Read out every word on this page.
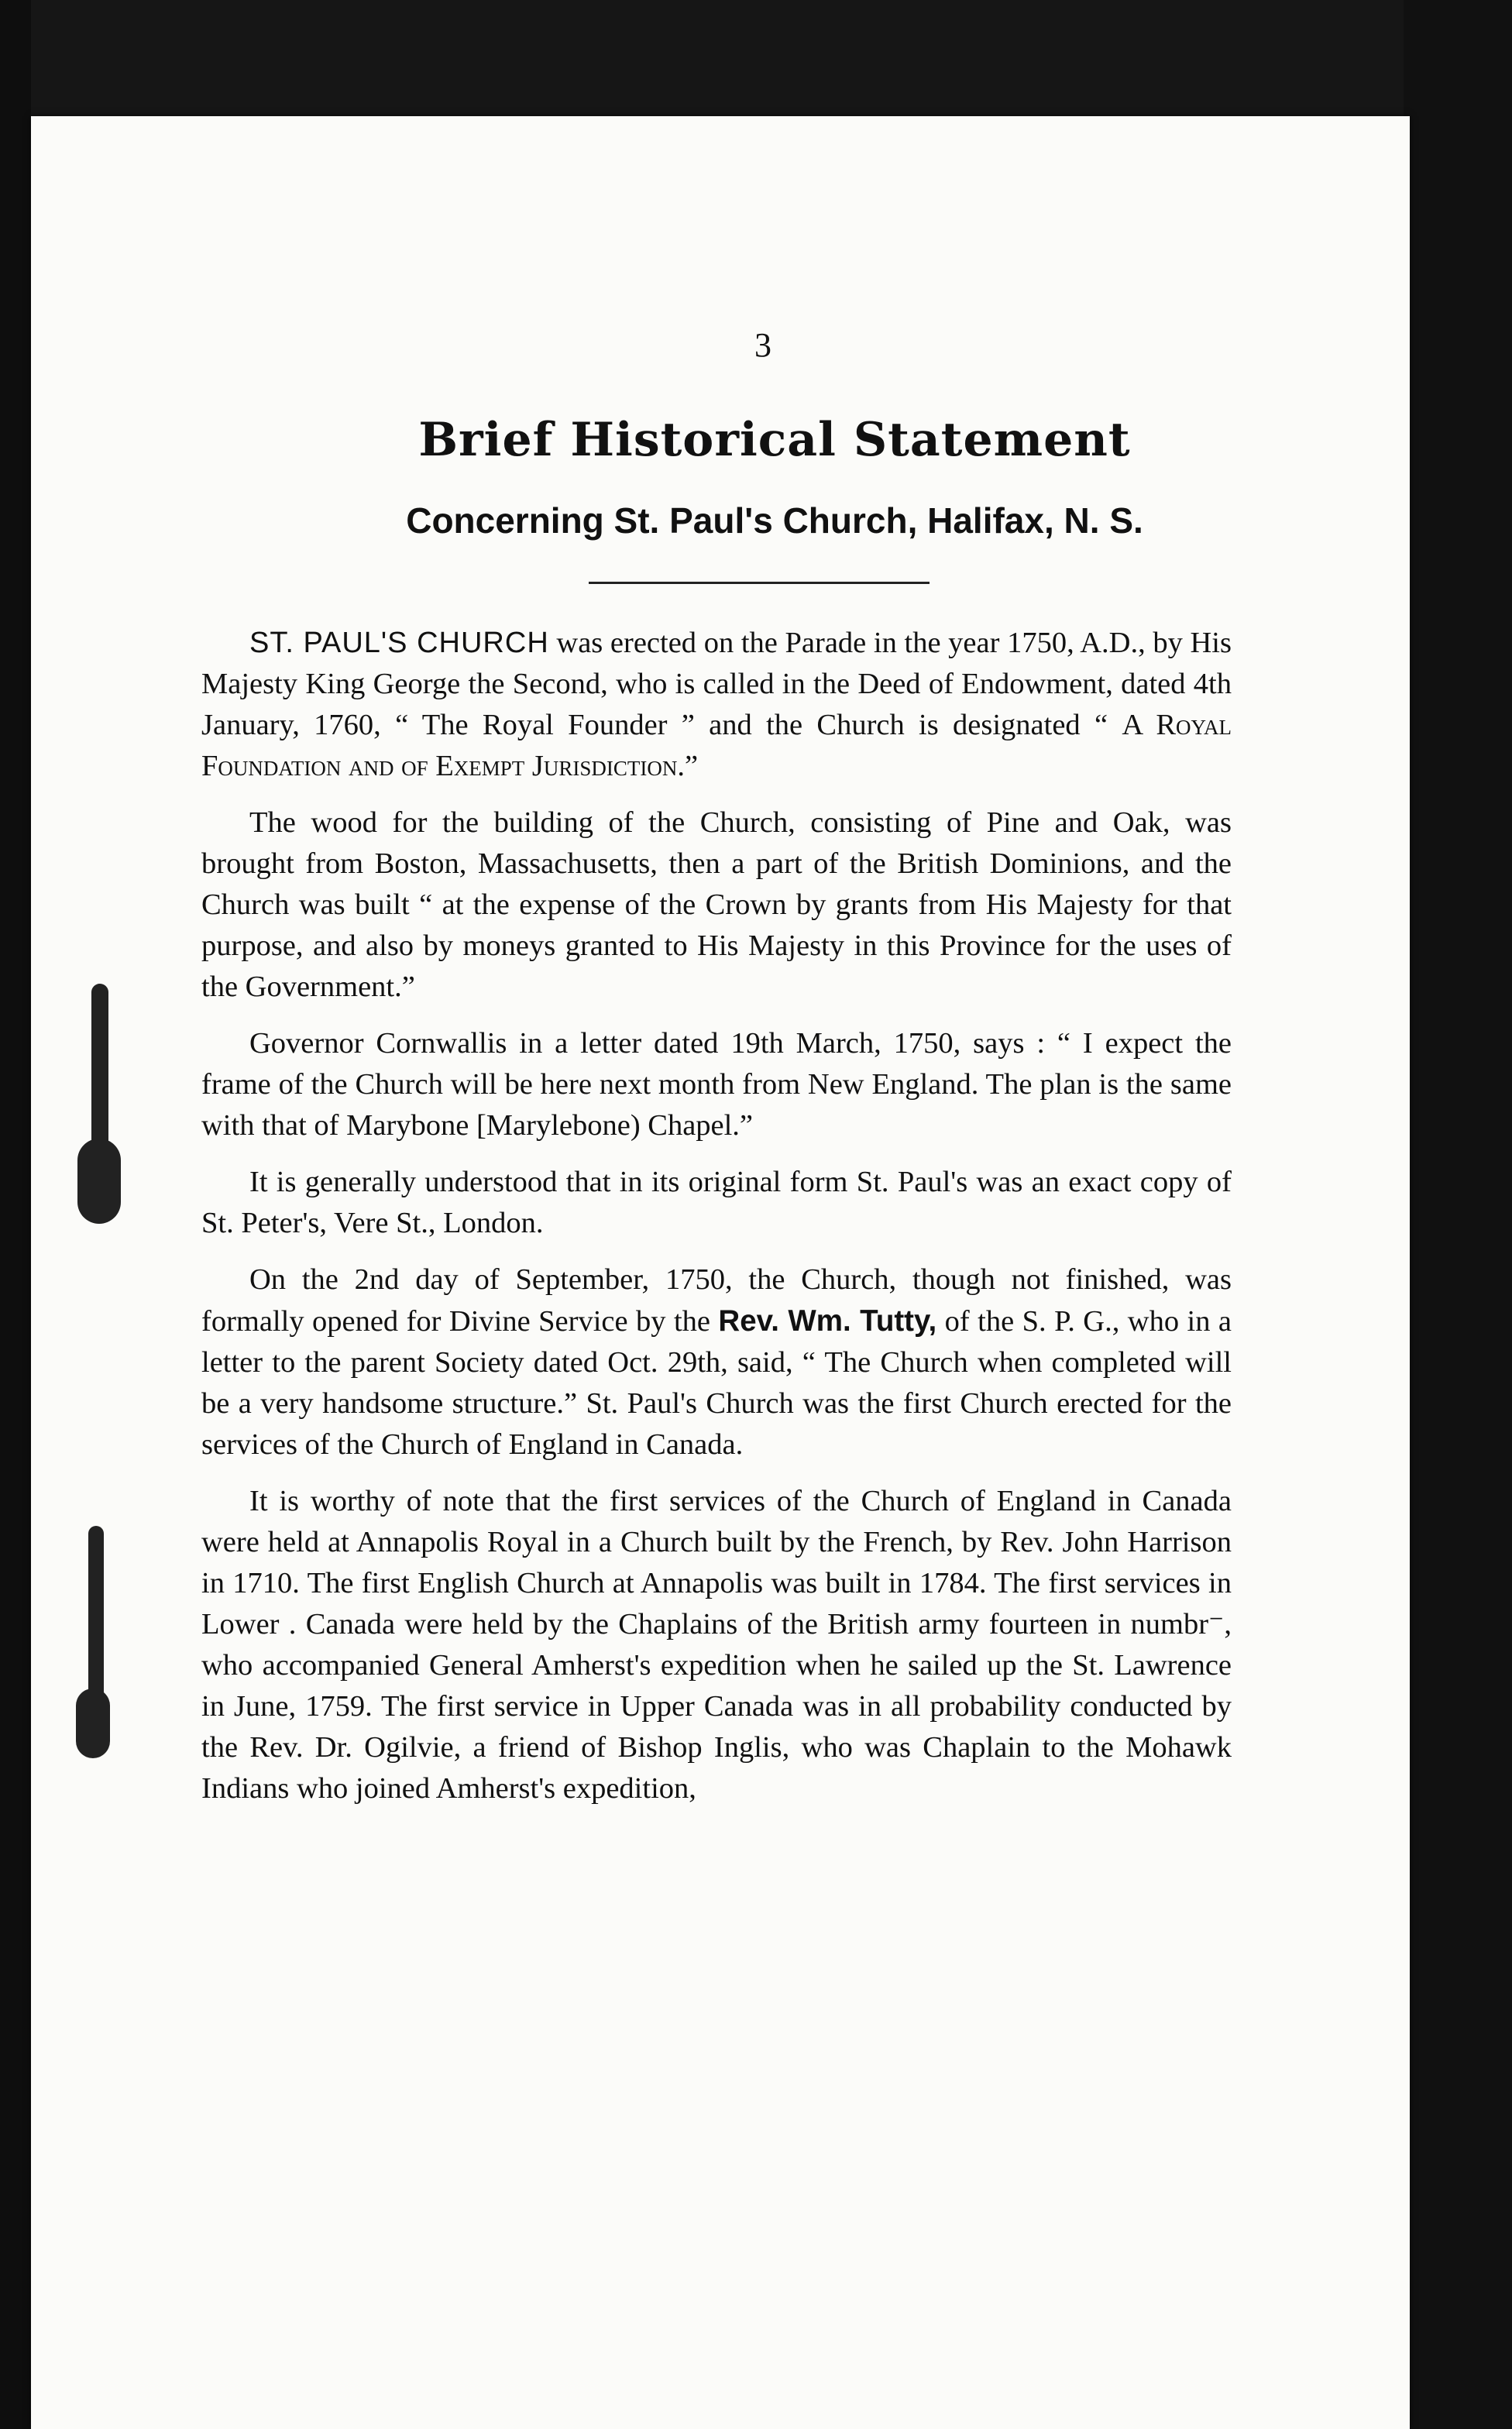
3
Brief Historical Statement
Concerning St. Paul's Church, Halifax, N. S.

ST. PAUL'S CHURCH was erected on the Parade in the year 1750, A.D., by His Majesty King George the Second, who is called in the Deed of Endowment, dated 4th January, 1760, “ The Royal Founder ” and the Church is designated “ A Royal Foundation and of Exempt Jurisdiction.”

The wood for the building of the Church, consisting of Pine and Oak, was brought from Boston, Massachusetts, then a part of the British Dominions, and the Church was built “ at the expense of the Crown by grants from His Majesty for that purpose, and also by moneys granted to His Majesty in this Province for the uses of the Government.”

Governor Cornwallis in a letter dated 19th March, 1750, says : “ I expect the frame of the Church will be here next month from New England. The plan is the same with that of Marybone [Marylebone) Chapel.”

It is generally understood that in its original form St. Paul's was an exact copy of St. Peter's, Vere St., London.

On the 2nd day of September, 1750, the Church, though not finished, was formally opened for Divine Service by the Rev. Wm. Tutty, of the S. P. G., who in a letter to the parent Society dated Oct. 29th, said, “ The Church when completed will be a very handsome structure.” St. Paul's Church was the first Church erected for the services of the Church of England in Canada.

It is worthy of note that the first services of the Church of England in Canada were held at Annapolis Royal in a Church built by the French, by Rev. John Harrison in 1710. The first English Church at Annapolis was built in 1784. The first services in Lower . Canada were held by the Chaplains of the British army fourteen in numbr⁻, who accompanied General Amherst's expedition when he sailed up the St. Lawrence in June, 1759. The first service in Upper Canada was in all probability conducted by the Rev. Dr. Ogilvie, a friend of Bishop Inglis, who was Chaplain to the Mohawk Indians who joined Amherst's expedition,
